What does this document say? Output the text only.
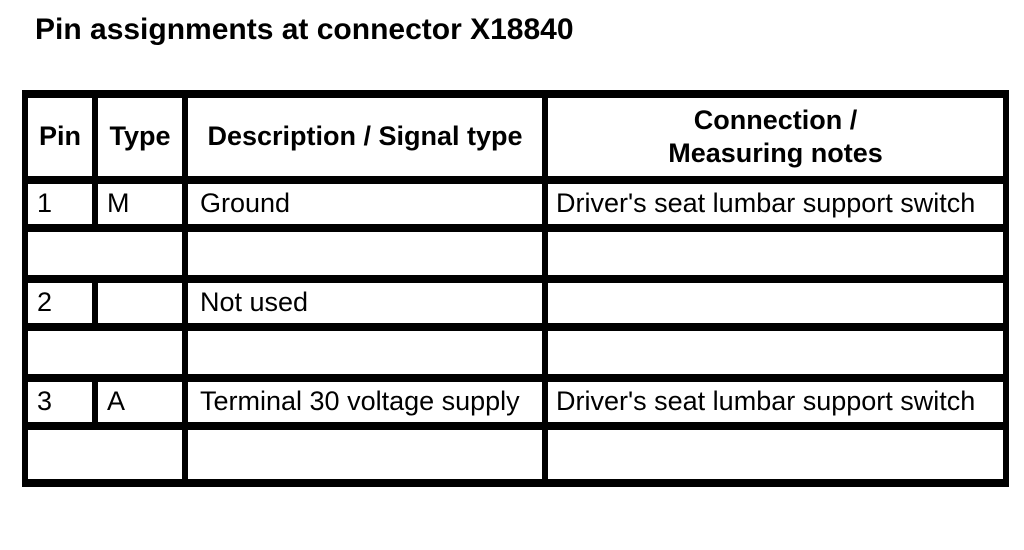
Pin assignments at connector X18840
Pin	Type	Description / Signal type	Connection /
Measuring notes

1	M	Ground	Driver's seat lumbar support switch

2		Not used	

3	A	Terminal 30 voltage supply	Driver's seat lumbar support switch
